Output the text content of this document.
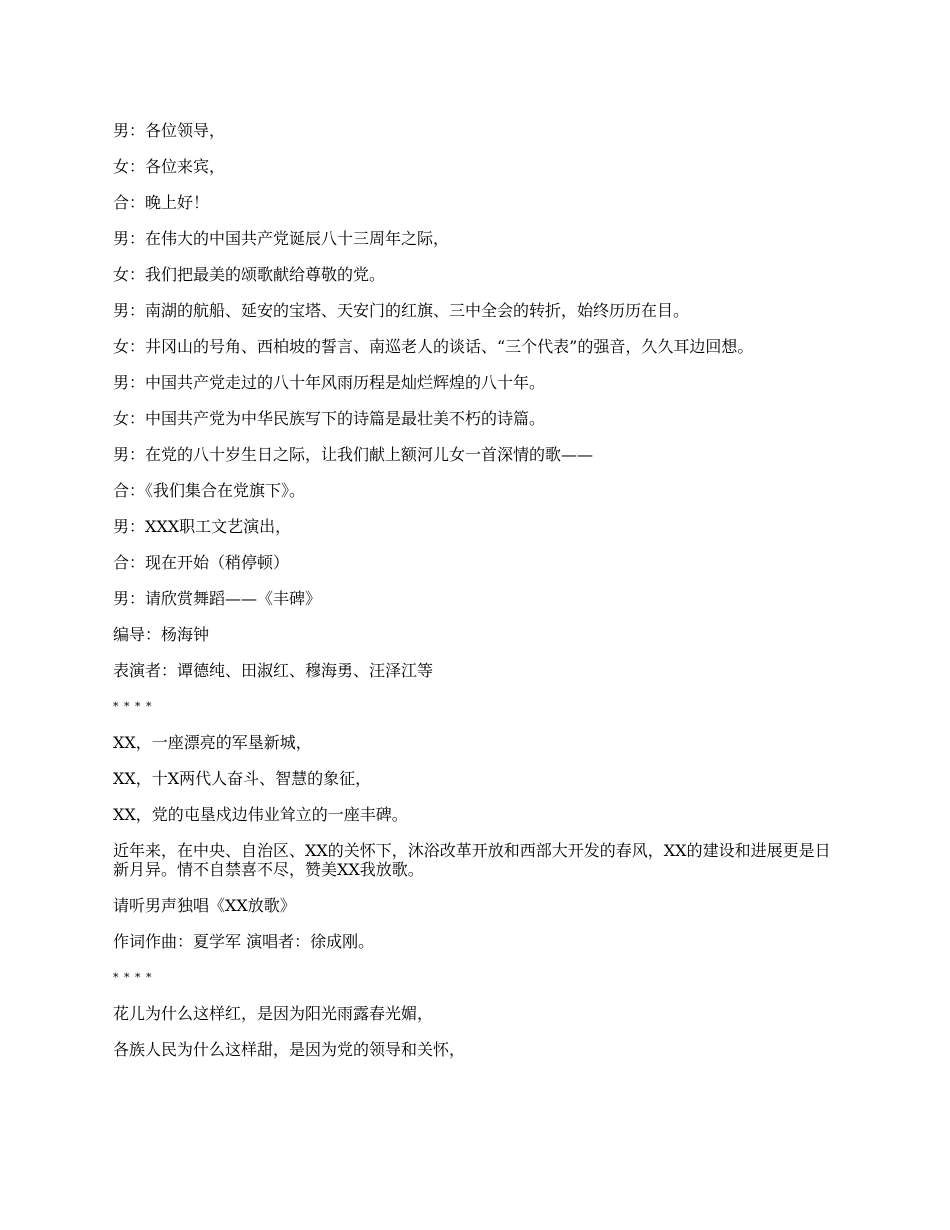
男：各位领导，

女：各位来宾，

合：晚上好！

男：在伟大的中国共产党诞辰八十三周年之际，

女：我们把最美的颂歌献给尊敬的党。

男：南湖的航船、延安的宝塔、天安门的红旗、三中全会的转折，始终历历在目。

女：井冈山的号角、西柏坡的誓言、南巡老人的谈话、“三个代表”的强音，久久耳边回想。

男：中国共产党走过的八十年风雨历程是灿烂辉煌的八十年。

女：中国共产党为中华民族写下的诗篇是最壮美不朽的诗篇。

男：在党的八十岁生日之际，让我们献上额河儿女一首深情的歌——

合：《我们集合在党旗下》。

男：XXX职工文艺演出，

合：现在开始（稍停顿）

男：请欣赏舞蹈——《丰碑》

编导：杨海钟

表演者：谭德纯、田淑红、穆海勇、汪泽江等

* * * *

XX，一座漂亮的军垦新城，

XX，十X两代人奋斗、智慧的象征，

XX，党的屯垦戍边伟业耸立的一座丰碑。

近年来，在中央、自治区、XX的关怀下，沐浴改革开放和西部大开发的春风，XX的建设和进展更是日新月异。情不自禁喜不尽，赞美XX我放歌。

请听男声独唱《XX放歌》

作词作曲：夏学军 演唱者：徐成刚。

* * * *

花儿为什么这样红，是因为阳光雨露春光媚，

各族人民为什么这样甜，是因为党的领导和关怀，
